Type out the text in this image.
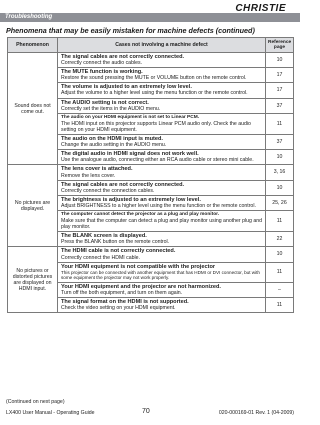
Troubleshooting
CHRISTIE
Phenomena that may be easily mistaken for machine defects (continued)
Phenomenon	Cases not involving a machine defect	Reference page
Sound does not come out.	The signal cables are not correctly connected.
Correctly connect the audio cables.	10

	The MUTE function is working.
Restore the sound pressing the MUTE or VOLUME button on the remote control.	17

	The volume is adjusted to an extremely low level.
Adjust the volume to a higher level using the menu function or the remote control.	17

	The AUDIO setting is not correct.
Correctly set the items in the AUDIO menu.	37

	The audio on your HDMI equipment is not set to Linear PCM.
The HDMI input on this projector supports Linear PCM audio only. Check the audio setting on your HDMI equipment.	11

	The audio on the HDMI input is muted.
Change the audio setting in the AUDIO menu.	37

	The digital audio in HDMI signal does not work well.
Use the analogue audio, connecting either an RCA audio cable or stereo mini cable.	10
No pictures are displayed.	The lens cover is attached.
Remove the lens cover.	3, 16

	The signal cables are not correctly connected.
Correctly connect the connection cables.	10

	The brightness is adjusted to an extremely low level.
Adjust BRIGHTNESS to a higher level using the menu function or the remote control.	25, 26

	The computer cannot detect the projector as a plug and play monitor.
Make sure that the computer can detect a plug and play monitor using another plug and play monitor.	11

	The BLANK screen is displayed.
Press the BLANK button on the remote control.	22
No pictures or distorted pictures are displayed on HDMI input.	The HDMI cable is not correctly connected.
Correctly connect the HDMI cable.	10

	Your HDMI equipment is not compatible with the projector
This projector can be connected with another equipment that has HDMI or DVI connector, but with some equipment the projector may not work properly.	11

	Your HDMI equipment and the projector are not harmonized.
Turn off the both equipment, and turn on them again.	–

	The signal format on the HDMI is not supported.
Check the video setting on your HDMI equipment.	11
(Continued on next page)
LX400 User Manual - Operating Guide	70	020-000169-01 Rev. 1 (04-2009)
